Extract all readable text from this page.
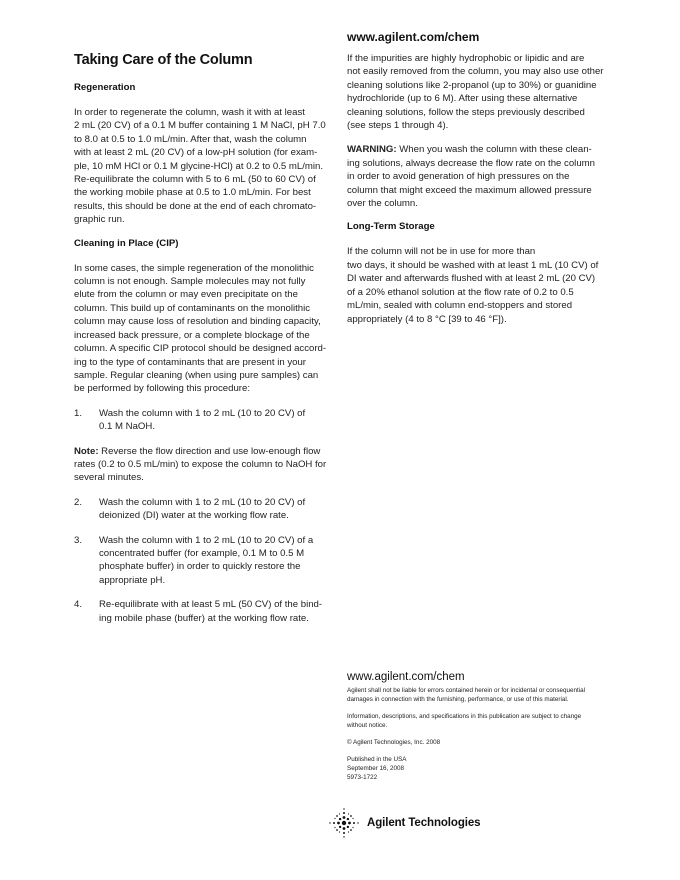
Taking Care of the Column
Regeneration

In order to regenerate the column, wash it with at least
2 mL (20 CV) of a 0.1 M buffer containing 1 M NaCl, pH 7.0
to 8.0 at 0.5 to 1.0 mL/min. After that, wash the column
with at least 2 mL (20 CV) of a low-pH solution (for exam-
ple, 10 mM HCl or 0.1 M glycine-HCl) at 0.2 to 0.5 mL/min.
Re-equilibrate the column with 5 to 6 mL (50 to 60 CV) of
the working mobile phase at 0.5 to 1.0 mL/min. For best
results, this should be done at the end of each chromato-
graphic run.

Cleaning in Place (CIP)

In some cases, the simple regeneration of the monolithic
column is not enough. Sample molecules may not fully
elute from the column or may even precipitate on the
column. This build up of contaminants on the monolithic
column may cause loss of resolution and binding capacity,
increased back pressure, or a complete blockage of the
column. A specific CIP protocol should be designed accord-
ing to the type of contaminants that are present in your
sample. Regular cleaning (when using pure samples) can
be performed by following this procedure:

1.	Wash the column with 1 to 2 mL (10 to 20 CV) of
0.1 M NaOH.

Note: Reverse the flow direction and use low-enough flow
rates (0.2 to 0.5 mL/min) to expose the column to NaOH for
several minutes.

2.	Wash the column with 1 to 2 mL (10 to 20 CV) of
deionized (DI) water at the working flow rate.
3.	Wash the column with 1 to 2 mL (10 to 20 CV) of a
concentrated buffer (for example, 0.1 M to 0.5 M
phosphate buffer) in order to quickly restore the
appropriate pH.
4.	Re-equilibrate with at least 5 mL (50 CV) of the bind-
ing mobile phase (buffer) at the working flow rate.
www.agilent.com/chem

If the impurities are highly hydrophobic or lipidic and are
not easily removed from the column, you may also use other
cleaning solutions like 2-propanol (up to 30%) or guanidine
hydrochloride (up to 6 M). After using these alternative
cleaning solutions, follow the steps previously described
(see steps 1 through 4).

WARNING: When you wash the column with these clean-
ing solutions, always decrease the flow rate on the column
in order to avoid generation of high pressures on the
column that might exceed the maximum allowed pressure
over the column.

Long-Term Storage

If the column will not be in use for more than
two days, it should be washed with at least 1 mL (10 CV) of
DI water and afterwards flushed with at least 2 mL (20 CV)
of a 20% ethanol solution at the flow rate of 0.2 to 0.5
mL/min, sealed with column end-stoppers and stored
appropriately (4 to 8 °C [39 to 46 °F]).

www.agilent.com/chem
Agilent shall not be liable for errors contained herein or for incidental or consequential
damages in connection with the furnishing, performance, or use of this material.
Information, descriptions, and specifications in this publication are subject to change
without notice.
© Agilent Technologies, Inc. 2008
Published in the USA
September 16, 2008
5973-1722
Agilent Technologies
